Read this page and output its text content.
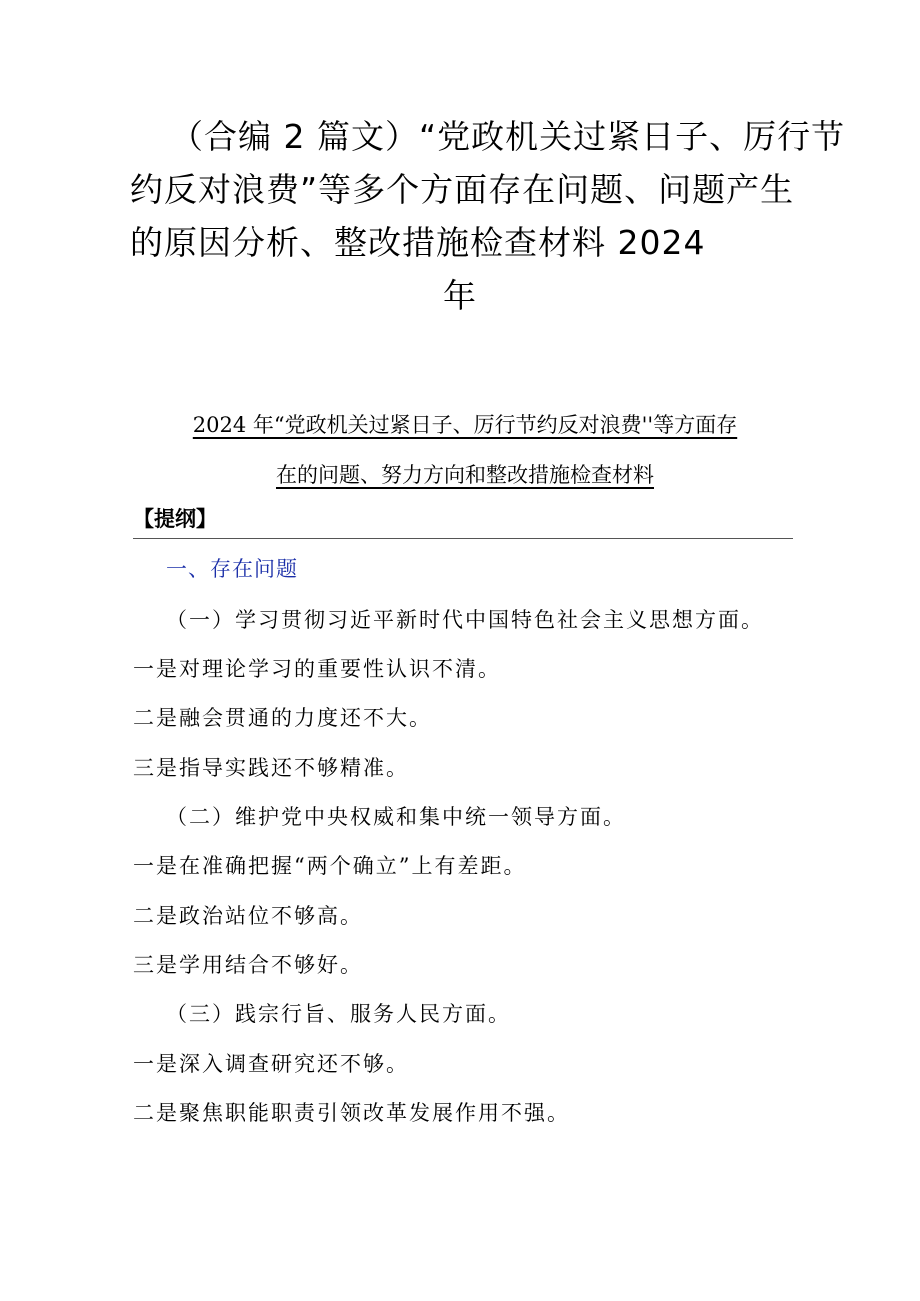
（合编 2 篇文）“党政机关过紧日子、厉行节
约反对浪费”等多个方面存在问题、问题产生
的原因分析、整改措施检查材料 2024
年
2024 年“党政机关过紧日子、厉行节约反对浪费''等方面存
在的问题、努力方向和整改措施检查材料
【提纲】
一、存在问题
（一）学习贯彻习近平新时代中国特色社会主义思想方面。
一是对理论学习的重要性认识不清。
二是融会贯通的力度还不大。
三是指导实践还不够精准。
（二）维护党中央权威和集中统一领导方面。
一是在准确把握“两个确立”上有差距。
二是政治站位不够高。
三是学用结合不够好。
（三）践宗行旨、服务人民方面。
一是深入调查研究还不够。
二是聚焦职能职责引领改革发展作用不强。
